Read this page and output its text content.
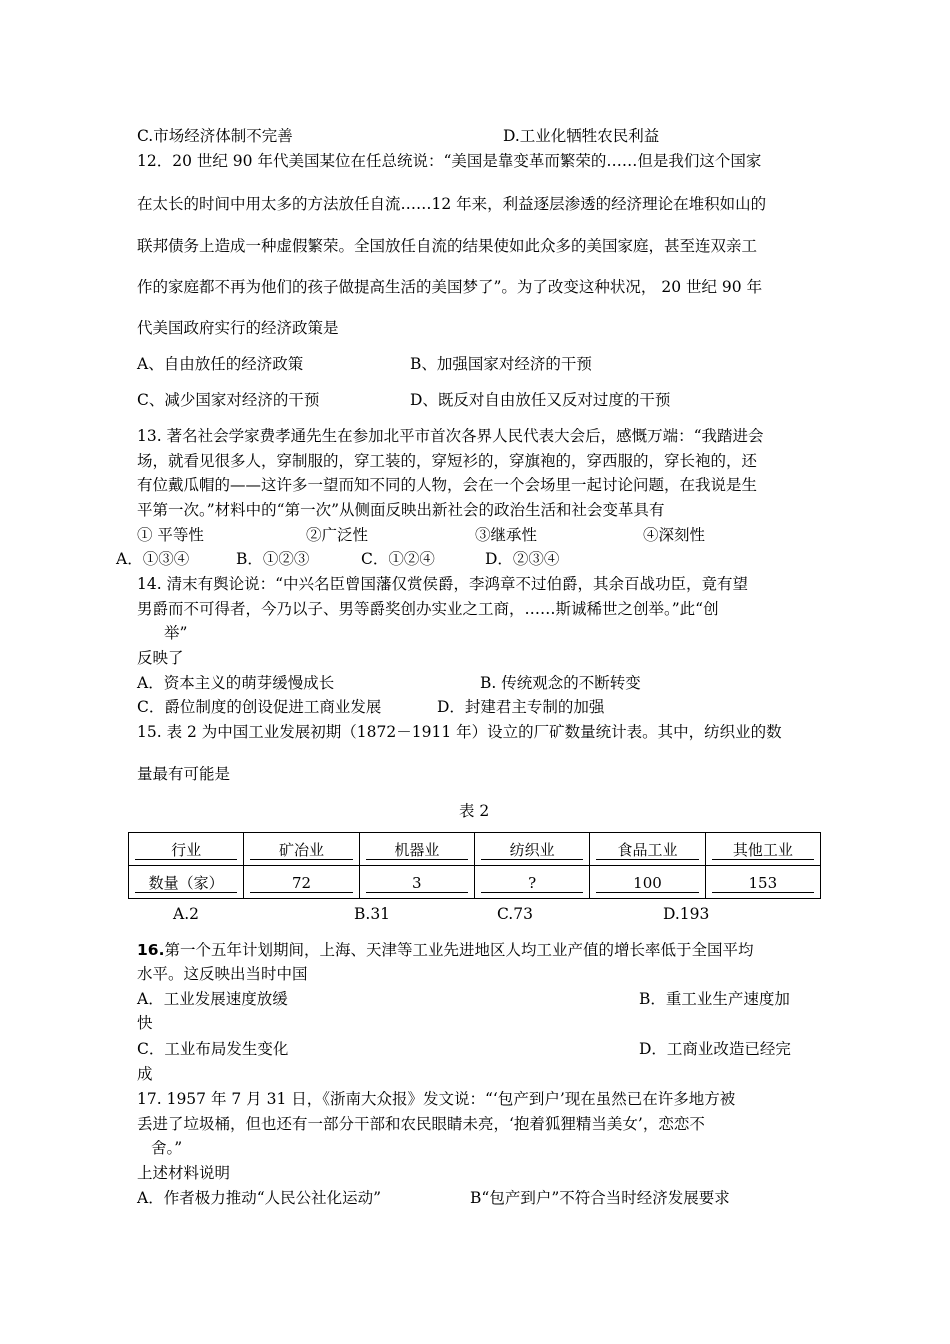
C.市场经济体制不完善	D.工业化牺牲农民利益
12．20 世纪 90 年代美国某位在任总统说：“美国是靠变革而繁荣的……但是我们这个国家
在太长的时间中用太多的方法放任自流……12 年来，利益逐层渗透的经济理论在堆积如山的
联邦债务上造成一种虚假繁荣。全国放任自流的结果使如此众多的美国家庭，甚至连双亲工
作的家庭都不再为他们的孩子做提高生活的美国梦了”。为了改变这种状况， 20 世纪 90 年
代美国政府实行的经济政策是
A、自由放任的经济政策	B、加强国家对经济的干预
C、减少国家对经济的干预	D、既反对自由放任又反对过度的干预
13. 著名社会学家费孝通先生在参加北平市首次各界人民代表大会后，感慨万端：“我踏进会
场，就看见很多人，穿制服的，穿工装的，穿短衫的，穿旗袍的，穿西服的，穿长袍的，还
有位戴瓜帽的——这许多一望而知不同的人物，会在一个会场里一起讨论问题，在我说是生
平第一次。”材料中的“第一次”从侧面反映出新社会的政治生活和社会变革具有
① 平等性	②广泛性	③继承性	④深刻性
A．①③④	B．①②③	C．①②④	D．②③④
14. 清末有舆论说：“中兴名臣曾国藩仅赏侯爵，李鸿章不过伯爵，其余百战功臣，竟有望
男爵而不可得者，今乃以子、男等爵奖创办实业之工商，……斯诚稀世之创举。”此“创
举”
反映了
A．资本主义的萌芽缓慢成长	B. 传统观念的不断转变
C．爵位制度的创设促进工商业发展	D．封建君主专制的加强
15. 表 2 为中国工业发展初期（1872－1911 年）设立的厂矿数量统计表。其中，纺织业的数
量最有可能是
表 2
行业	矿冶业	机器业	纺织业	食品工业	其他工业

数量（家）	72	3	?	100	153
A.2	B.31	C.73	D.193
16.第一个五年计划期间，上海、天津等工业先进地区人均工业产值的增长率低于全国平均
水平。这反映出当时中国
A．工业发展速度放缓	B．重工业生产速度加
快
C．工业布局发生变化	D．工商业改造已经完
成
17. 1957 年 7 月 31 日，《浙南大众报》发文说：“‘包产到户’现在虽然已在许多地方被
丢进了垃圾桶，但也还有一部分干部和农民眼睛未亮，‘抱着狐狸精当美女’，恋恋不
舍。”
上述材料说明
A．作者极力推动“人民公社化运动”	B“包产到户”不符合当时经济发展要求
